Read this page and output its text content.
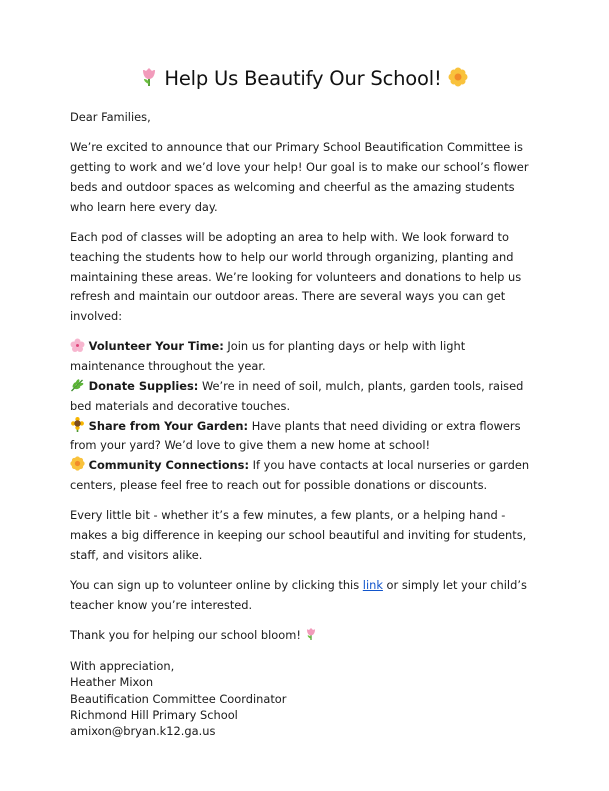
Help Us Beautify Our School!

Dear Families,

We’re excited to announce that our Primary School Beautification Committee is getting to work and we’d love your help! Our goal is to make our school’s flower beds and outdoor spaces as welcoming and cheerful as the amazing students who learn here every day.

Each pod of classes will be adopting an area to help with. We look forward to teaching the students how to help our world through organizing, planting and maintaining these areas. We’re looking for volunteers and donations to help us refresh and maintain our outdoor areas. There are several ways you can get involved:

Volunteer Your Time: Join us for planting days or help with light maintenance throughout the year.
Donate Supplies: We’re in need of soil, mulch, plants, garden tools, raised bed materials and decorative touches.
Share from Your Garden: Have plants that need dividing or extra flowers from your yard? We’d love to give them a new home at school!
Community Connections: If you have contacts at local nurseries or garden centers, please feel free to reach out for possible donations or discounts.

Every little bit - whether it’s a few minutes, a few plants, or a helping hand - makes a big difference in keeping our school beautiful and inviting for students, staff, and visitors alike.

You can sign up to volunteer online by clicking this link or simply let your child’s teacher know you’re interested.

Thank you for helping our school bloom!

With appreciation,
Heather Mixon
Beautification Committee Coordinator
Richmond Hill Primary School
amixon@bryan.k12.ga.us
